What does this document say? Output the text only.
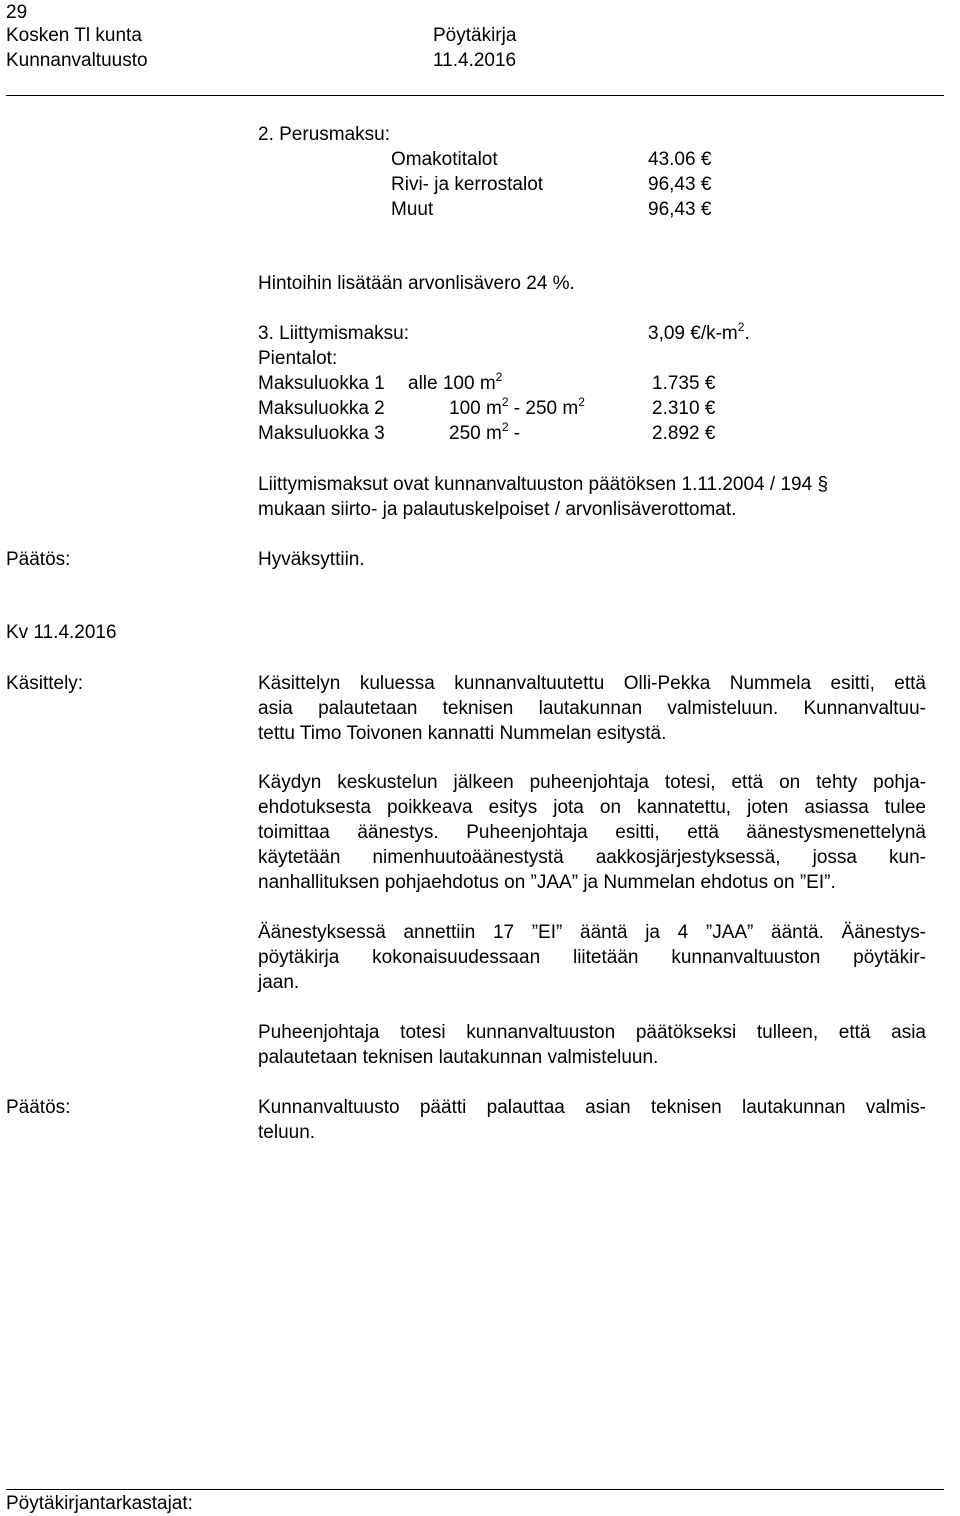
29
Kosken Tl kunta	Pöytäkirja
Kunnanvaltuusto	11.4.2016
2. Perusmaksu:
Omakotitalot	43.06 €
Rivi- ja kerrostalot	96,43 €
Muut	96,43 €
Hintoihin lisätään arvonlisävero 24 %.
3. Liittymismaksu:	3,09 $€/k-m^2$.
Pientalot:
Maksuluokka 1 alle 100 $m^2$	1.735 €
Maksuluokka 2	100 $m^2 - 250$ $m^2$	2.310 €
Maksuluokka 3	250 $m^2$ -	2.892 €
Liittymismaksut ovat kunnanvaltuuston päätöksen 1.11.2004 / 194 §
mukaan siirto- ja palautuskelpoiset / arvonlisäverottomat.
Päätös:	Hyväksyttiin.
Kv 11.4.2016
Käsittely:	Käsittelyn kuluessa kunnanvaltuutettu Olli-Pekka Nummela esitti, että
asia palautetaan teknisen lautakunnan valmisteluun. Kunnanvaltuu-
tettu Timo Toivonen kannatti Nummelan esitystä.
Käydyn keskustelun jälkeen puheenjohtaja totesi, että on tehty pohja-
ehdotuksesta poikkeava esitys jota on kannatettu, joten asiassa tulee
toimittaa äänestys. Puheenjohtaja esitti, että äänestysmenettelynä
käytetään nimenhuutoäänestystä aakkosjärjestyksessä, jossa kun-
nanhallituksen pohjaehdotus on ”JAA” ja Nummelan ehdotus on ”EI”.
Äänestyksessä annettiin 17 ”EI” ääntä ja 4 ”JAA” ääntä. Äänestys-
pöytäkirja kokonaisuudessaan liitetään kunnanvaltuuston pöytäkir-
jaan.
Puheenjohtaja totesi kunnanvaltuuston päätökseksi tulleen, että asia
palautetaan teknisen lautakunnan valmisteluun.
Päätös:	Kunnanvaltuusto päätti palauttaa asian teknisen lautakunnan valmis-
teluun.
Pöytäkirjantarkastajat:
